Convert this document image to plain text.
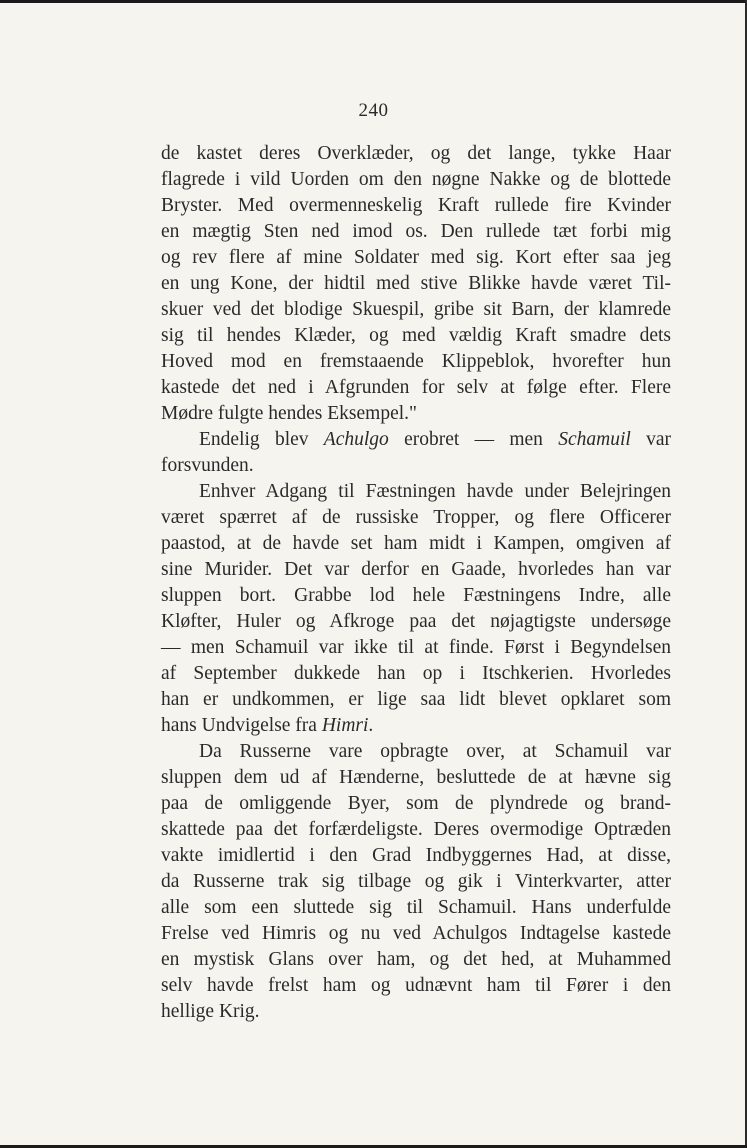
240

de kastet deres Overklæder, og det lange, tykke Haar

flagrede i vild Uorden om den nøgne Nakke og de blottede

Bryster. Med overmenneskelig Kraft rullede fire Kvinder

en mægtig Sten ned imod os. Den rullede tæt forbi mig

og rev flere af mine Soldater med sig. Kort efter saa jeg

en ung Kone, der hidtil med stive Blikke havde været Til-

skuer ved det blodige Skuespil, gribe sit Barn, der klamrede

sig til hendes Klæder, og med vældig Kraft smadre dets

Hoved mod en fremstaaende Klippeblok, hvorefter hun

kastede det ned i Afgrunden for selv at følge efter. Flere

Mødre fulgte hendes Eksempel."

Endelig blev Achulgo erobret — men Schamuil var

forsvunden.

Enhver Adgang til Fæstningen havde under Belejringen

været spærret af de russiske Tropper, og flere Officerer

paastod, at de havde set ham midt i Kampen, omgiven af

sine Murider. Det var derfor en Gaade, hvorledes han var

sluppen bort. Grabbe lod hele Fæstningens Indre, alle

Kløfter, Huler og Afkroge paa det nøjagtigste undersøge

— men Schamuil var ikke til at finde. Først i Begyndelsen

af September dukkede han op i Itschkerien. Hvorledes

han er undkommen, er lige saa lidt blevet opklaret som

hans Undvigelse fra Himri.

Da Russerne vare opbragte over, at Schamuil var

sluppen dem ud af Hænderne, besluttede de at hævne sig

paa de omliggende Byer, som de plyndrede og brand-

skattede paa det forfærdeligste. Deres overmodige Optræden

vakte imidlertid i den Grad Indbyggernes Had, at disse,

da Russerne trak sig tilbage og gik i Vinterkvarter, atter

alle som een sluttede sig til Schamuil. Hans underfulde

Frelse ved Himris og nu ved Achulgos Indtagelse kastede

en mystisk Glans over ham, og det hed, at Muhammed

selv havde frelst ham og udnævnt ham til Fører i den

hellige Krig.
